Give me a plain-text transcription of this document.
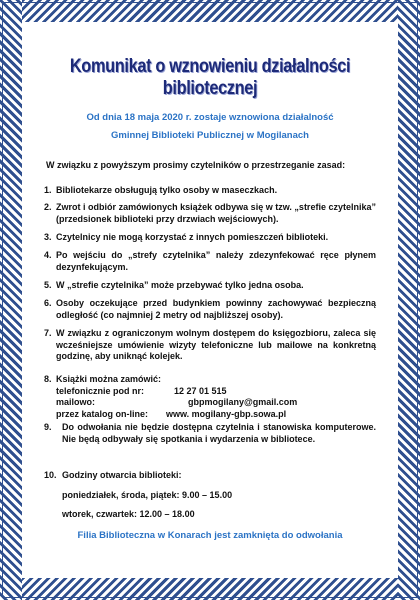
Komunikat o wznowieniu działalności bibliotecznej
Od dnia 18 maja 2020 r. zostaje wznowiona działalność
Gminnej Biblioteki Publicznej w Mogilanach
W związku z powyższym prosimy czytelników o przestrzeganie zasad:
1. Bibliotekarze obsługują tylko osoby w maseczkach.
2. Zwrot i odbiór zamówionych książek odbywa się w tzw. „strefie czytelnika” (przedsionek biblioteki przy drzwiach wejściowych).
3. Czytelnicy nie mogą korzystać z innych pomieszczeń biblioteki.
4. Po wejściu do „strefy czytelnika” należy zdezynfekować ręce płynem dezynfekującym.
5. W „strefie czytelnika” może przebywać tylko jedna osoba.
6. Osoby oczekujące przed budynkiem powinny zachowywać bezpieczną odległość (co najmniej 2 metry od najbliższej osoby).
7. W związku z ograniczonym wolnym dostępem do księgozbioru, zaleca się wcześniejsze umówienie wizyty telefoniczne lub mailowe na konkretną godzinę, aby uniknąć kolejek.
8. Książki można zamówić:
telefonicznie pod nr:	12 27 01 515
mailowo:	gbpmogilany@gmail.com
przez katalog on-line:	www. mogilany-gbp.sowa.pl
9. Do odwołania nie będzie dostępna czytelnia i stanowiska komputerowe. Nie będą odbywały się spotkania i wydarzenia w bibliotece.
10. Godziny otwarcia biblioteki:
poniedziałek, środa, piątek: 9.00 – 15.00
wtorek, czwartek: 12.00 – 18.00
Filia Biblioteczna w Konarach jest zamknięta do odwołania
